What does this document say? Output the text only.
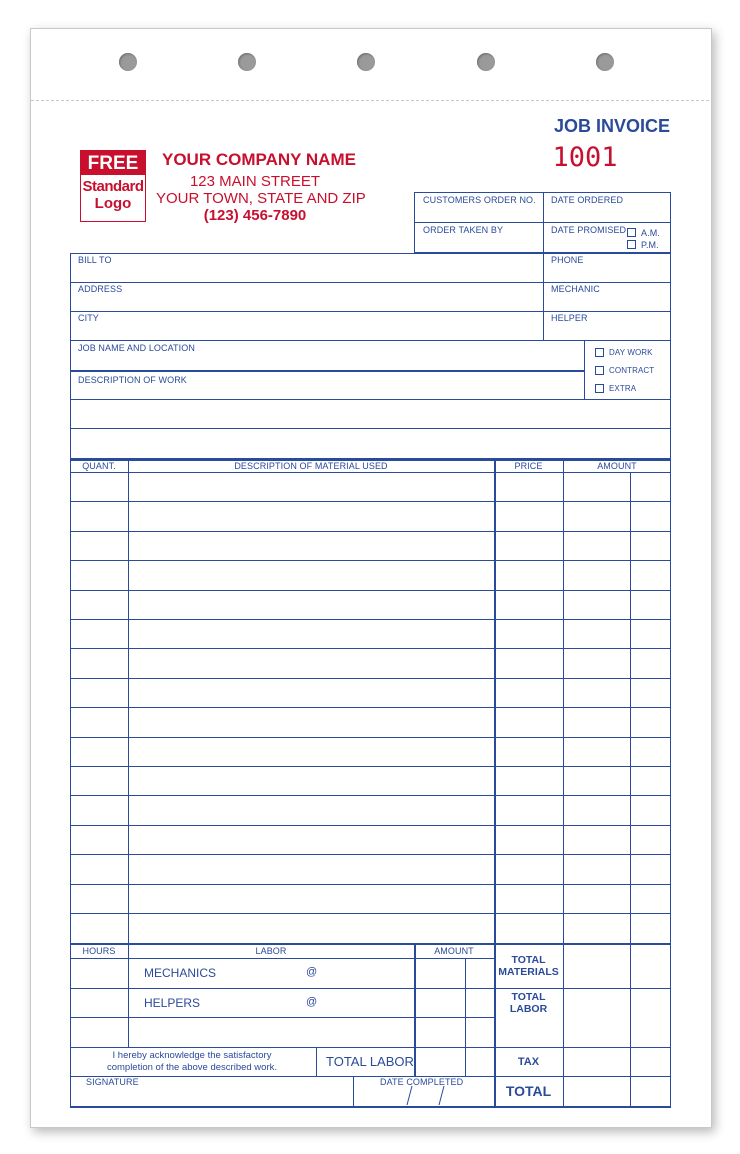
JOB INVOICE
1001
FREE
Standard
Logo
YOUR COMPANY NAME
123 MAIN STREET
YOUR TOWN, STATE AND ZIP
(123) 456-7890
CUSTOMERS ORDER NO. DATE ORDERED
ORDER TAKEN BY	DATE PROMISED A.M.
P.M.
BILL TO	PHONE
ADDRESS	MECHANIC
CITY	HELPER
JOB NAME AND LOCATION
DESCRIPTION OF WORK
DAY WORK
CONTRACT
EXTRA
QUANT.	DESCRIPTION OF MATERIAL USED	PRICE	AMOUNT
HOURS	LABOR	AMOUNT
MECHANICS	@
HELPERS	@
I hereby acknowledge the satisfactory completion of the above described work.	TOTAL LABOR
SIGNATURE	DATE COMPLETED
TOTAL MATERIALS
TOTAL LABOR
TAX
TOTAL
